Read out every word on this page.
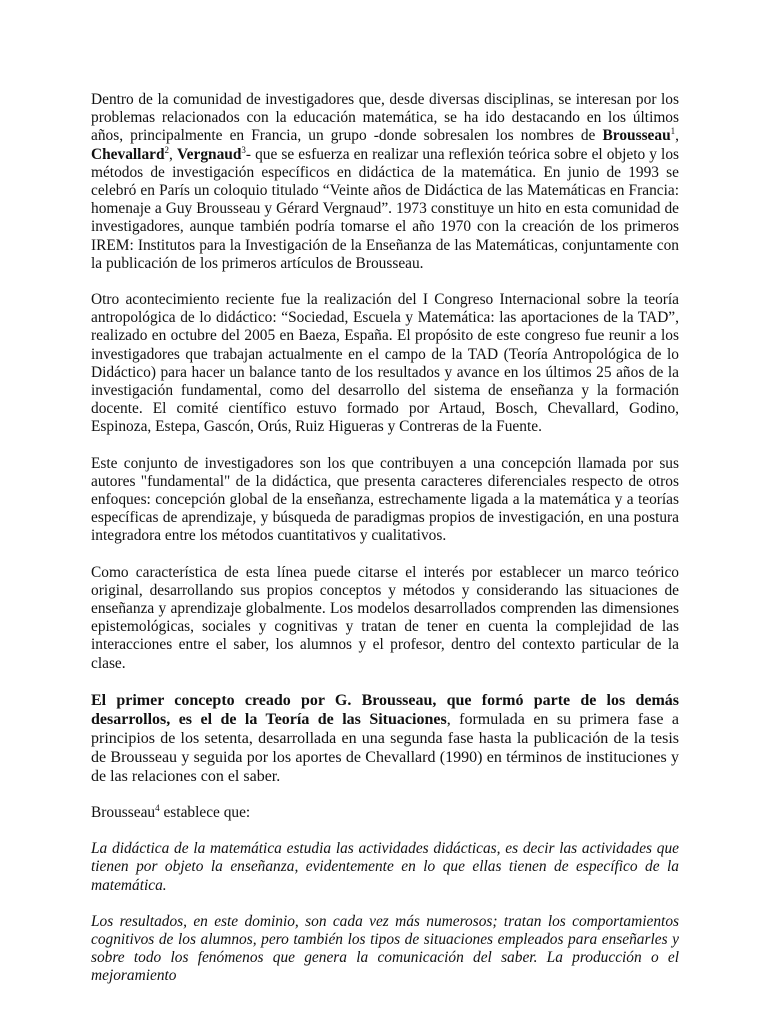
Dentro de la comunidad de investigadores que, desde diversas disciplinas, se interesan por los problemas relacionados con la educación matemática, se ha ido destacando en los últimos años, principalmente en Francia, un grupo -donde sobresalen los nombres de Brousseau$^1$, Chevallard$^2$, Vergnaud$^3$- que se esfuerza en realizar una reflexión teórica sobre el objeto y los métodos de investigación específicos en didáctica de la matemática. En junio de 1993 se celebró en París un coloquio titulado “Veinte años de Didáctica de las Matemáticas en Francia: homenaje a Guy Brousseau y Gérard Vergnaud”. 1973 constituye un hito en esta comunidad de investigadores, aunque también podría tomarse el año 1970 con la creación de los primeros IREM: Institutos para la Investigación de la Enseñanza de las Matemáticas, conjuntamente con la publicación de los primeros artículos de Brousseau.

Otro acontecimiento reciente fue la realización del I Congreso Internacional sobre la teoría antropológica de lo didáctico: “Sociedad, Escuela y Matemática: las aportaciones de la TAD”, realizado en octubre del 2005 en Baeza, España. El propósito de este congreso fue reunir a los investigadores que trabajan actualmente en el campo de la TAD (Teoría Antropológica de lo Didáctico) para hacer un balance tanto de los resultados y avance en los últimos 25 años de la investigación fundamental, como del desarrollo del sistema de enseñanza y la formación docente. El comité científico estuvo formado por Artaud, Bosch, Chevallard, Godino, Espinoza, Estepa, Gascón, Orús, Ruiz Higueras y Contreras de la Fuente.

Este conjunto de investigadores son los que contribuyen a una concepción llamada por sus autores "fundamental" de la didáctica, que presenta caracteres diferenciales respecto de otros enfoques: concepción global de la enseñanza, estrechamente ligada a la matemática y a teorías específicas de aprendizaje, y búsqueda de paradigmas propios de investigación, en una postura integradora entre los métodos cuantitativos y cualitativos.

Como característica de esta línea puede citarse el interés por establecer un marco teórico original, desarrollando sus propios conceptos y métodos y considerando las situaciones de enseñanza y aprendizaje globalmente. Los modelos desarrollados comprenden las dimensiones epistemológicas, sociales y cognitivas y tratan de tener en cuenta la complejidad de las interacciones entre el saber, los alumnos y el profesor, dentro del contexto particular de la clase.

El primer concepto creado por G. Brousseau, que formó parte de los demás desarrollos, es el de la Teoría de las Situaciones, formulada en su primera fase a principios de los setenta, desarrollada en una segunda fase hasta la publicación de la tesis de Brousseau y seguida por los aportes de Chevallard (1990) en términos de instituciones y de las relaciones con el saber.

Brousseau$^4$ establece que:

La didáctica de la matemática estudia las actividades didácticas, es decir las actividades que tienen por objeto la enseñanza, evidentemente en lo que ellas tienen de específico de la matemática.

Los resultados, en este dominio, son cada vez más numerosos; tratan los comportamientos cognitivos de los alumnos, pero también los tipos de situaciones empleados para enseñarles y sobre todo los fenómenos que genera la comunicación del saber. La producción o el mejoramiento
